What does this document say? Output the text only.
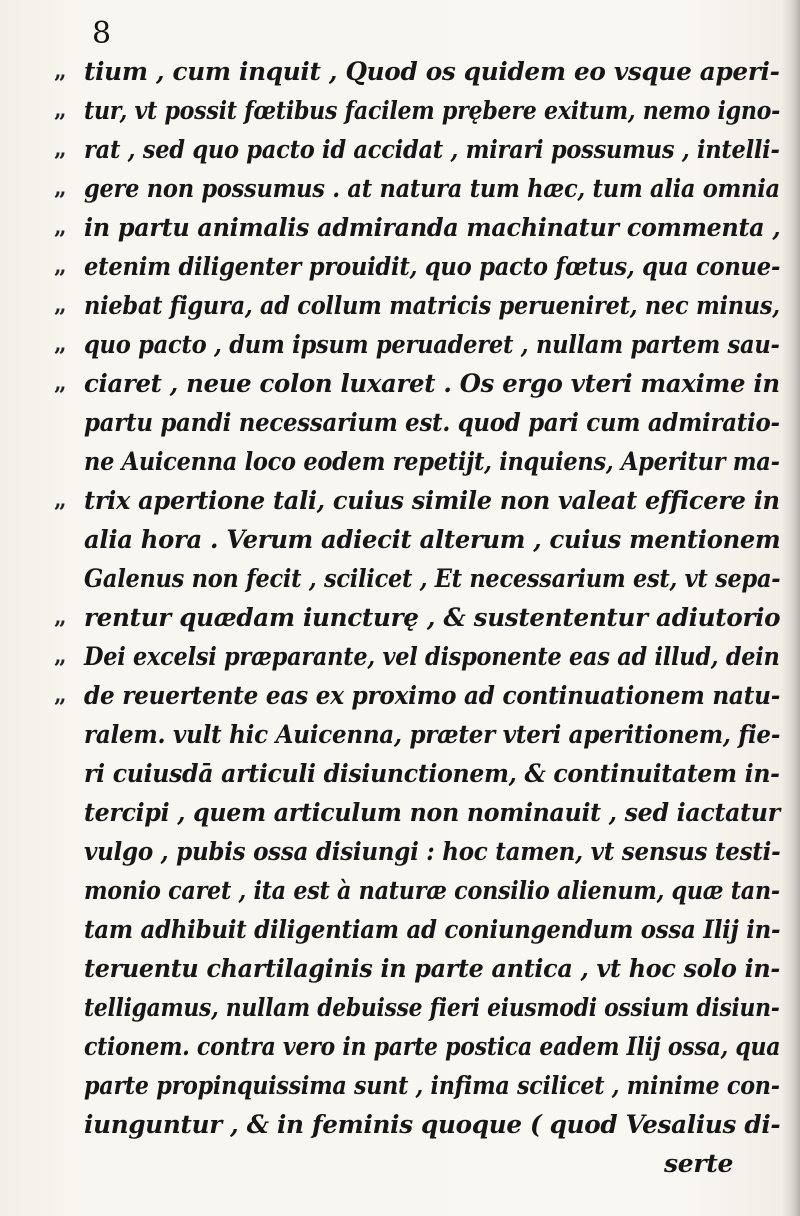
8
„ tium , cum inquit , Quod os quidem eo vsque aperi-
„ tur, vt possit fœtibus facilem prębere exitum, nemo igno-
„ rat , sed quo pacto id accidat , mirari possumus , intelli-
„ gere non possumus . at natura tum hæc, tum alia omnia
„ in partu animalis admiranda machinatur commenta ,
„ etenim diligenter prouidit, quo pacto fœtus, qua conue-
„ niebat figura, ad collum matricis perueniret, nec minus,
„ quo pacto , dum ipsum peruaderet , nullam partem sau-
„ ciaret , neue colon luxaret . Os ergo vteri maxime in
partu pandi necessarium est. quod pari cum admiratio-
ne Auicenna loco eodem repetijt, inquiens, Aperitur ma-
„ trix apertione tali, cuius simile non valeat efficere in
alia hora . Verum adiecit alterum , cuius mentionem
Galenus non fecit , scilicet , Et necessarium est, vt sepa-
„ rentur quædam iuncturę , & sustententur adiutorio
„ Dei excelsi præparante, vel disponente eas ad illud, dein
„ de reuertente eas ex proximo ad continuationem natu-
ralem. vult hic Auicenna, præter vteri aperitionem, fie-
ri cuiusdā articuli disiunctionem, & continuitatem in-
tercipi , quem articulum non nominauit , sed iactatur
vulgo , pubis ossa disiungi : hoc tamen, vt sensus testi-
monio caret , ita est à naturæ consilio alienum, quæ tan-
tam adhibuit diligentiam ad coniungendum ossa Ilij in-
teruentu chartilaginis in parte antica , vt hoc solo in-
telligamus, nullam debuisse fieri eiusmodi ossium disiun-
ctionem. contra vero in parte postica eadem Ilij ossa, qua
parte propinquissima sunt , infima scilicet , minime con-
iunguntur , & in feminis quoque ( quod Vesalius di-
serte
